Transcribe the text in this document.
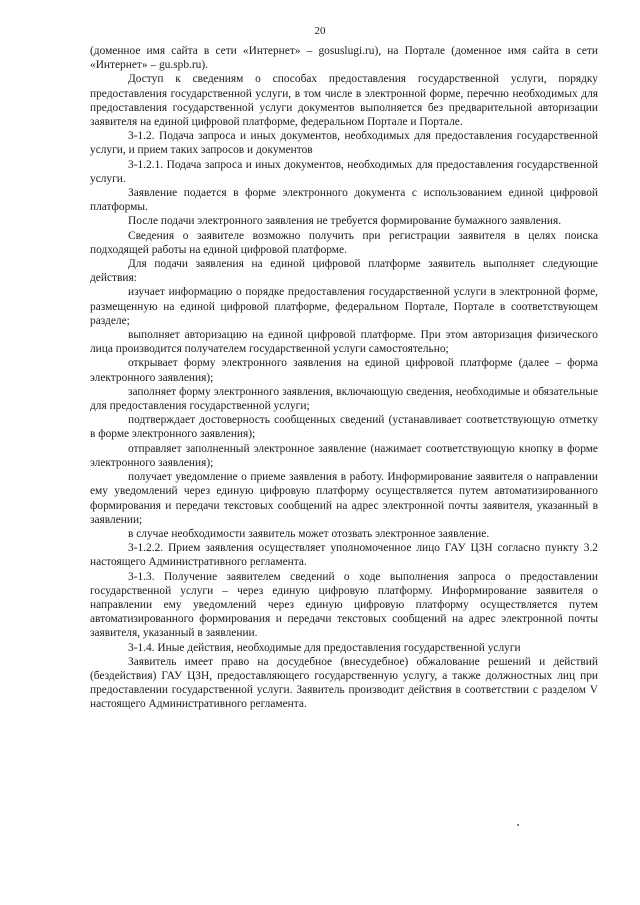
20

(доменное имя сайта в сети «Интернет» – gosuslugi.ru), на Портале (доменное имя сайта в сети «Интернет» – gu.spb.ru).

Доступ к сведениям о способах предоставления государственной услуги, порядку предоставления государственной услуги, в том числе в электронной форме, перечню необходимых для предоставления государственной услуги документов выполняется без предварительной авторизации заявителя на единой цифровой платформе, федеральном Портале и Портале.

3-1.2. Подача запроса и иных документов, необходимых для предоставления государственной услуги, и прием таких запросов и документов

3-1.2.1. Подача запроса и иных документов, необходимых для предоставления государственной услуги.

Заявление подается в форме электронного документа с использованием единой цифровой платформы.

После подачи электронного заявления не требуется формирование бумажного заявления.

Сведения о заявителе возможно получить при регистрации заявителя в целях поиска подходящей работы на единой цифровой платформе.

Для подачи заявления на единой цифровой платформе заявитель выполняет следующие действия:

изучает информацию о порядке предоставления государственной услуги в электронной форме, размещенную на единой цифровой платформе, федеральном Портале, Портале в соответствующем разделе;

выполняет авторизацию на единой цифровой платформе. При этом авторизация физического лица производится получателем государственной услуги самостоятельно;

открывает форму электронного заявления на единой цифровой платформе (далее – форма электронного заявления);

заполняет форму электронного заявления, включающую сведения, необходимые и обязательные для предоставления государственной услуги;

подтверждает достоверность сообщенных сведений (устанавливает соответствующую отметку в форме электронного заявления);

отправляет заполненный электронное заявление (нажимает соответствующую кнопку в форме электронного заявления);

получает уведомление о приеме заявления в работу. Информирование заявителя о направлении ему уведомлений через единую цифровую платформу осуществляется путем автоматизированного формирования и передачи текстовых сообщений на адрес электронной почты заявителя, указанный в заявлении;

в случае необходимости заявитель может отозвать электронное заявление.

3-1.2.2. Прием заявления осуществляет уполномоченное лицо ГАУ ЦЗН согласно пункту 3.2 настоящего Административного регламента.

3-1.3. Получение заявителем сведений о ходе выполнения запроса о предоставлении государственной услуги – через единую цифровую платформу. Информирование заявителя о направлении ему уведомлений через единую цифровую платформу осуществляется путем автоматизированного формирования и передачи текстовых сообщений на адрес электронной почты заявителя, указанный в заявлении.

3-1.4. Иные действия, необходимые для предоставления государственной услуги

Заявитель имеет право на досудебное (внесудебное) обжалование решений и действий (бездействия) ГАУ ЦЗН, предоставляющего государственную услугу, а также должностных лиц при предоставлении государственной услуги. Заявитель производит действия в соответствии с разделом V настоящего Административного регламента.
